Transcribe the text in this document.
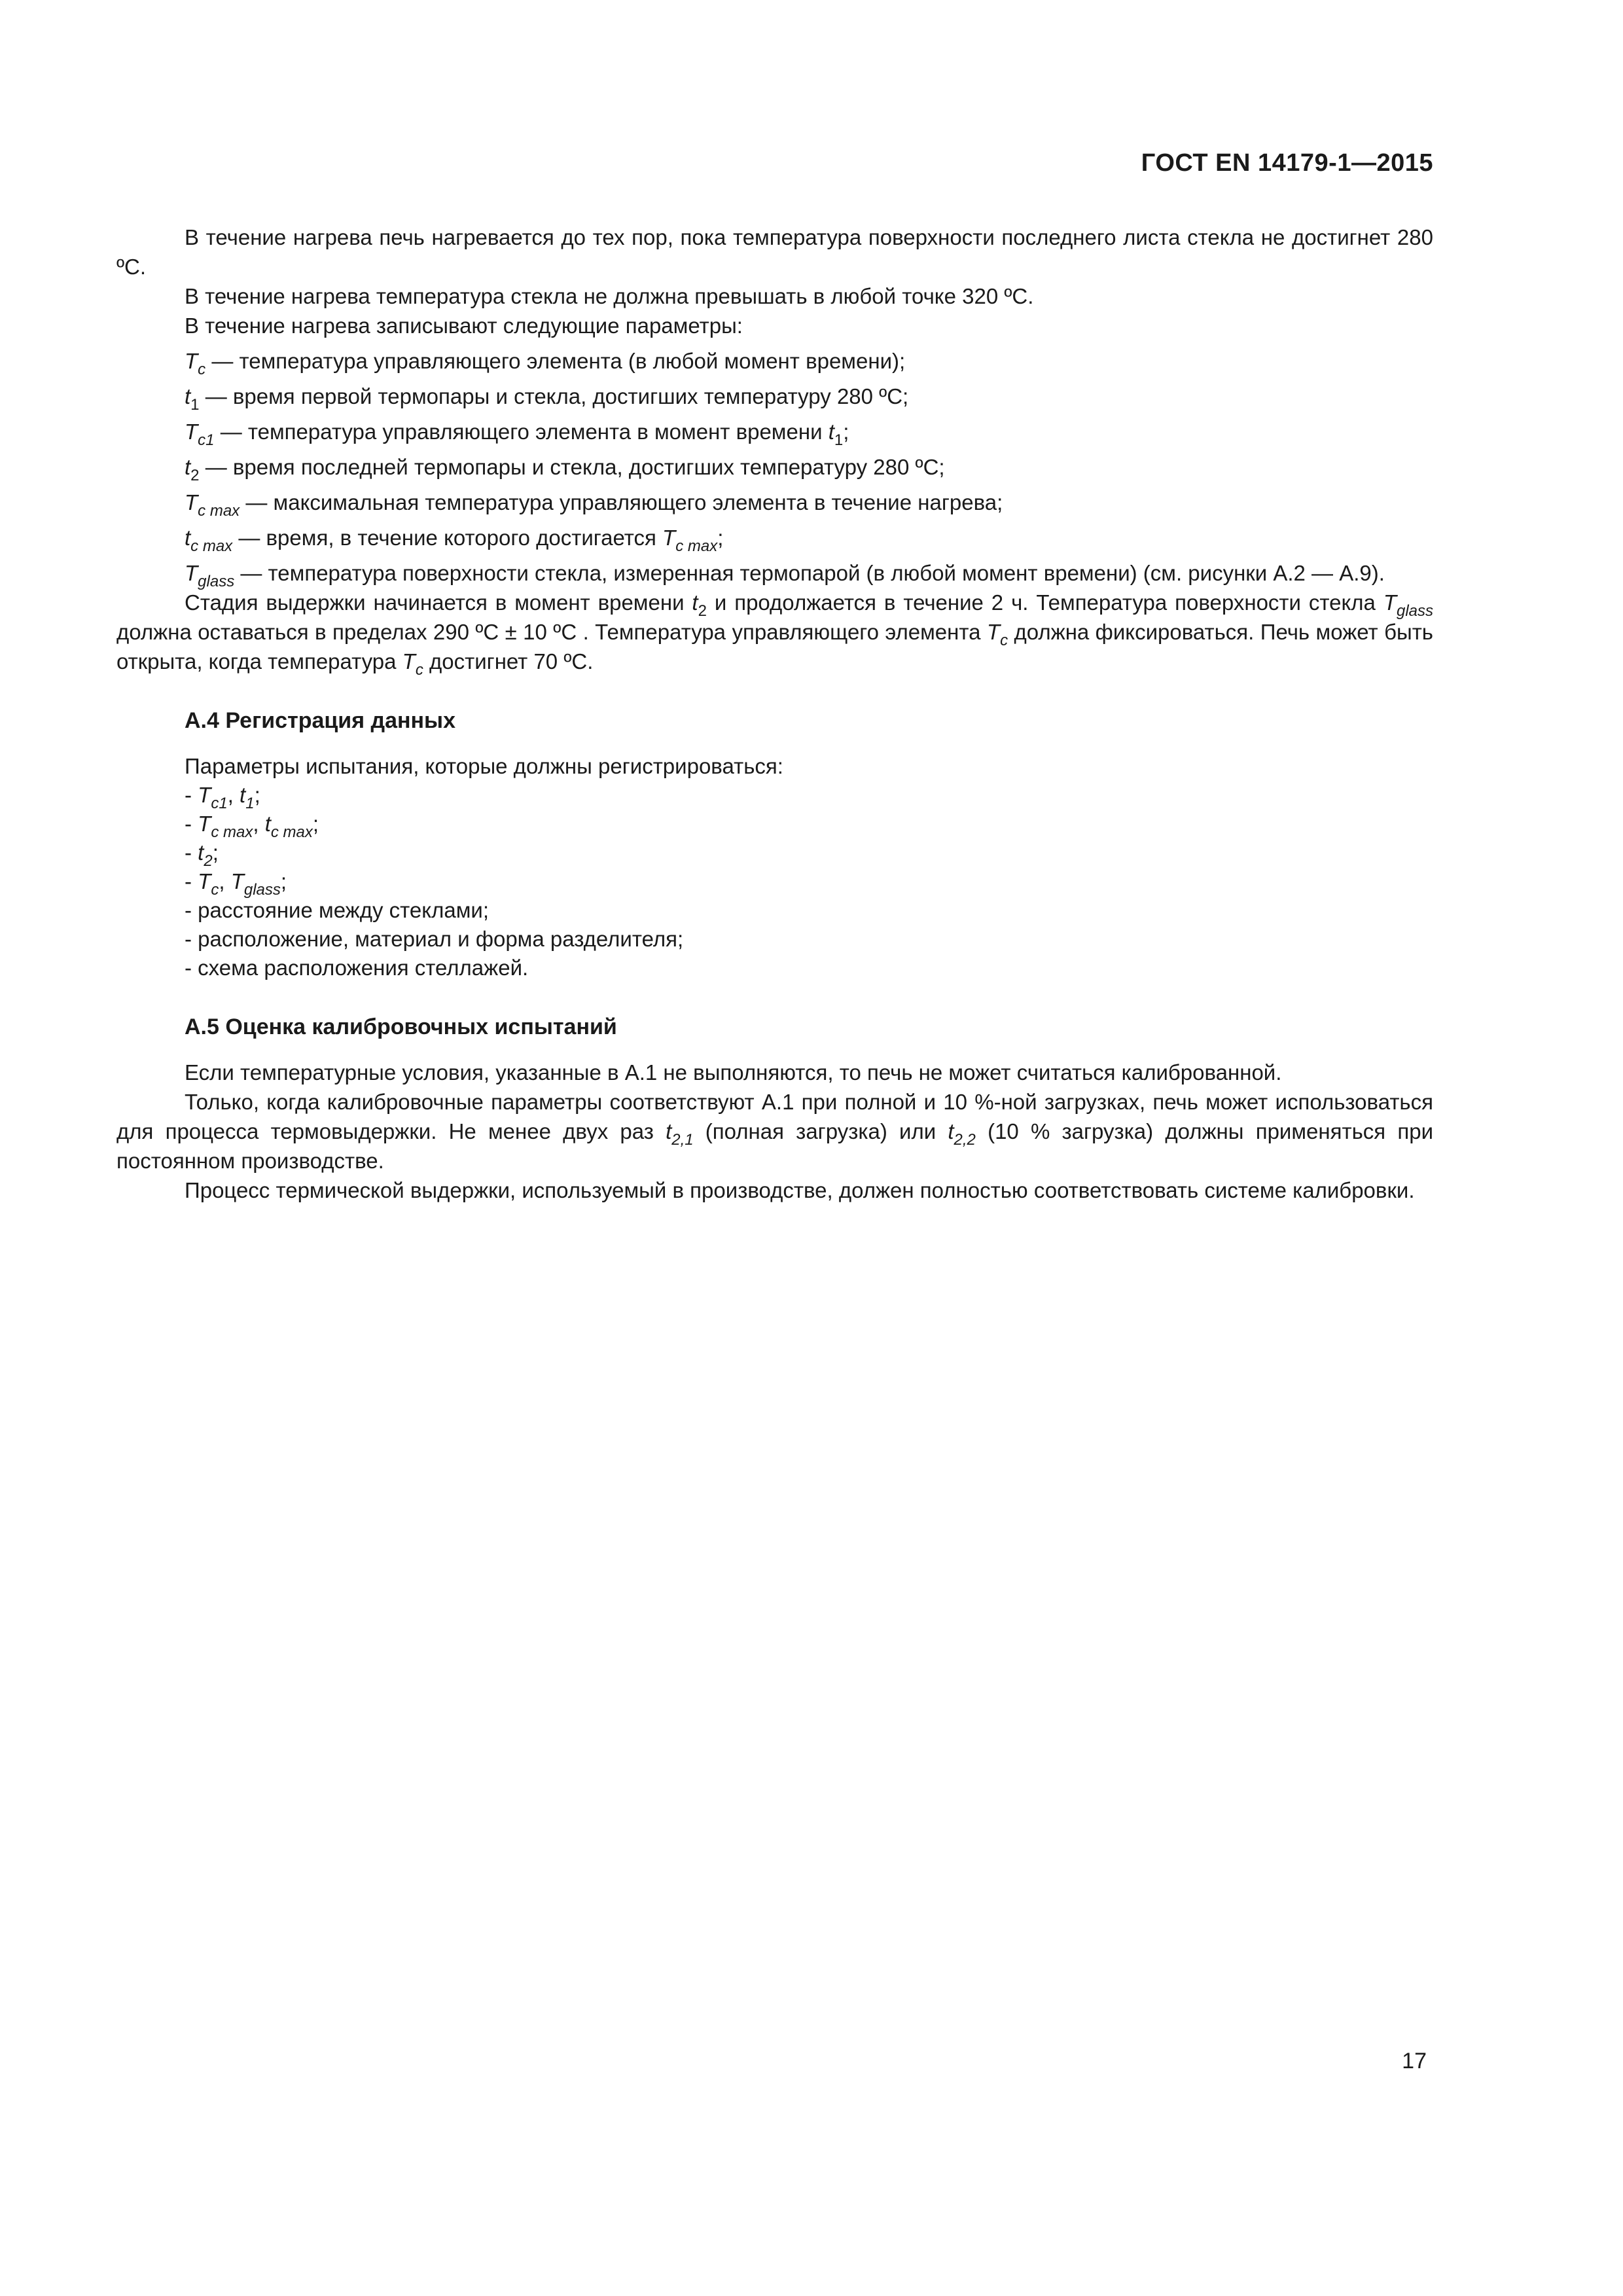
ГОСТ EN 14179-1—2015

В течение нагрева печь нагревается до тех пор, пока температура поверхности последнего листа стекла не достигнет 280 ºС.

В течение нагрева температура стекла не должна превышать в любой точке 320 ºС.

В течение нагрева записывают следующие параметры:

$T_c$ — температура управляющего элемента (в любой момент времени);

$t_1$ — время первой термопары и стекла, достигших температуру 280 ºС;

$T_{c1}$ — температура управляющего элемента в момент времени $t_1$;

$t_2$ — время последней термопары и стекла, достигших температуру 280 ºС;

$T_{c max}$ — максимальная температура управляющего элемента в течение нагрева;

$t_{c max}$ — время, в течение которого достигается $T_{c max}$;

$T_{glass}$ — температура поверхности стекла, измеренная термопарой (в любой момент времени) (см. рисунки А.2 — А.9).

Стадия выдержки начинается в момент времени $t_2$ и продолжается в течение 2 ч. Температура поверхности стекла $T_{glass}$ должна оставаться в пределах 290 ºС ± 10 ºС . Температура управляющего элемента $T_c$ должна фиксироваться. Печь может быть открыта, когда температура $T_c$ достигнет 70 ºС.

А.4 Регистрация данных

Параметры испытания, которые должны регистрироваться:

- $T_{c1}$, $t_1$;
- $T_{c max}$, $t_{c max}$;
- $t_2$;
- $T_c$, $T_{glass}$;
- расстояние между стеклами;
- расположение, материал и форма разделителя;
- схема расположения стеллажей.
А.5 Оценка калибровочных испытаний

Если температурные условия, указанные в А.1 не выполняются, то печь не может считаться калиброванной.

Только, когда калибровочные параметры соответствуют А.1 при полной и 10 %-ной загрузках, печь может использоваться для процесса термовыдержки. Не менее двух раз $t_{2,1}$ (полная загрузка) или $t_{2,2}$ (10 % загрузка) должны применяться при постоянном производстве.

Процесс термической выдержки, используемый в производстве, должен полностью соответствовать системе калибровки.

17
